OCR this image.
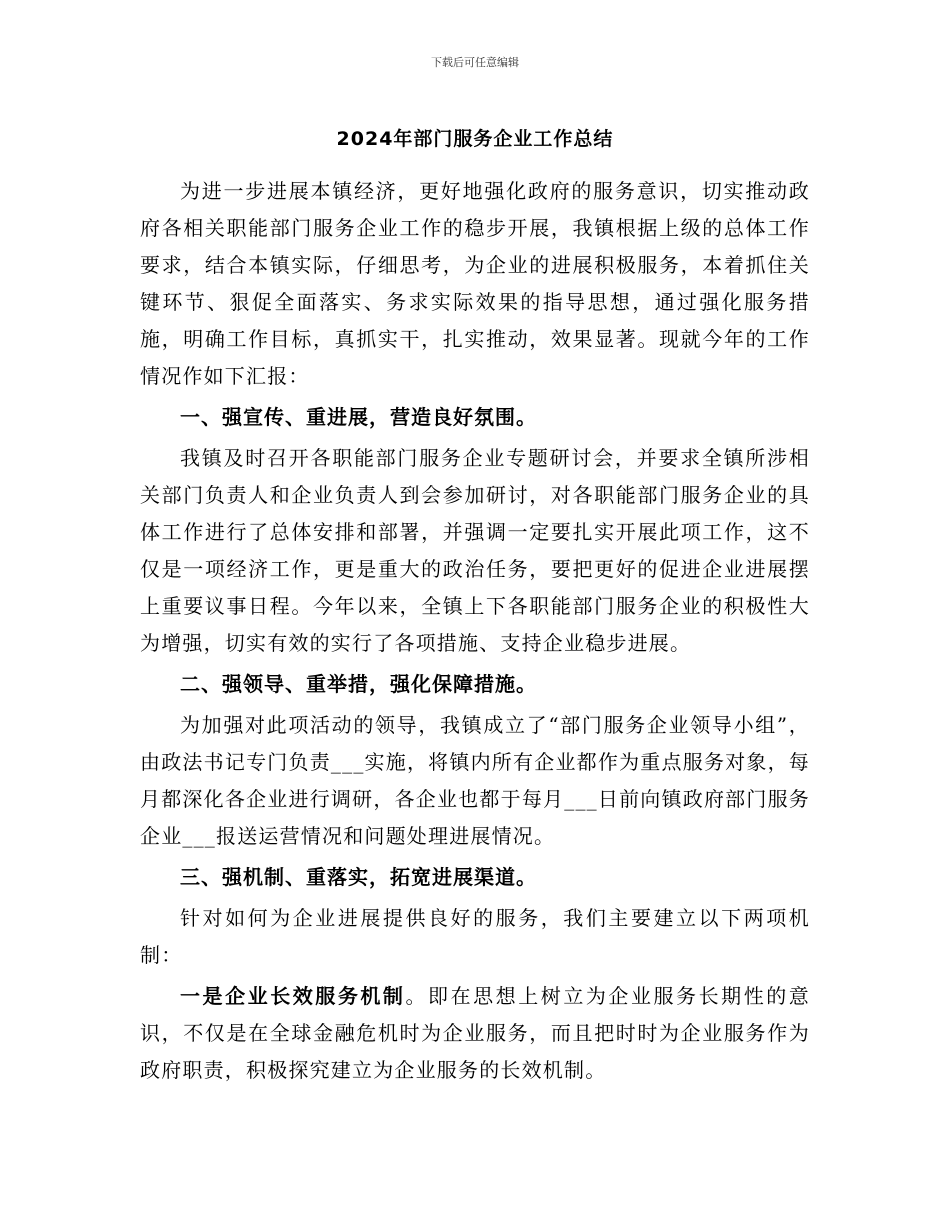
下载后可任意编辑
2024年部门服务企业工作总结

为进一步进展本镇经济，更好地强化政府的服务意识，切实推动政府各相关职能部门服务企业工作的稳步开展，我镇根据上级的总体工作要求，结合本镇实际，仔细思考，为企业的进展积极服务，本着抓住关键环节、狠促全面落实、务求实际效果的指导思想，通过强化服务措施，明确工作目标，真抓实干，扎实推动，效果显著。现就今年的工作情况作如下汇报：

一、强宣传、重进展，营造良好氛围。

我镇及时召开各职能部门服务企业专题研讨会，并要求全镇所涉相关部门负责人和企业负责人到会参加研讨，对各职能部门服务企业的具体工作进行了总体安排和部署，并强调一定要扎实开展此项工作，这不仅是一项经济工作，更是重大的政治任务，要把更好的促进企业进展摆上重要议事日程。今年以来，全镇上下各职能部门服务企业的积极性大为增强，切实有效的实行了各项措施、支持企业稳步进展。

二、强领导、重举措，强化保障措施。

为加强对此项活动的领导，我镇成立了“部门服务企业领导小组”，由政法书记专门负责___实施，将镇内所有企业都作为重点服务对象，每月都深化各企业进行调研，各企业也都于每月___日前向镇政府部门服务企业___报送运营情况和问题处理进展情况。

三、强机制、重落实，拓宽进展渠道。

针对如何为企业进展提供良好的服务，我们主要建立以下两项机制：

一是企业长效服务机制。即在思想上树立为企业服务长期性的意识，不仅是在全球金融危机时为企业服务，而且把时时为企业服务作为政府职责，积极探究建立为企业服务的长效机制。
